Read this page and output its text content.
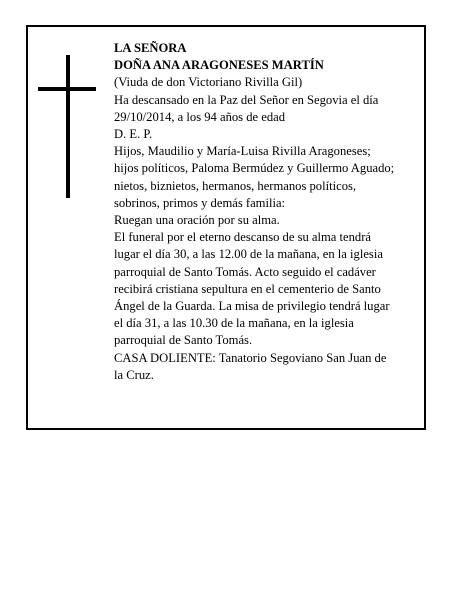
LA SEÑORA
DOÑA ANA ARAGONESES MARTÍN
(Viuda de don Victoriano Rivilla Gil)
Ha descansado en la Paz del Señor en Segovia el día
29/10/2014, a los 94 años de edad
D. E. P.
Hijos, Maudilio y María-Luisa Rivilla Aragoneses;
hijos políticos, Paloma Bermúdez y Guillermo Aguado;
nietos, biznietos, hermanos, hermanos políticos,
sobrinos, primos y demás familia:
Ruegan una oración por su alma.
El funeral por el eterno descanso de su alma tendrá
lugar el día 30, a las 12.00 de la mañana, en la iglesia
parroquial de Santo Tomás. Acto seguido el cadáver
recibirá cristiana sepultura en el cementerio de Santo
Ángel de la Guarda. La misa de privilegio tendrá lugar
el día 31, a las 10.30 de la mañana, en la iglesia
parroquial de Santo Tomás.
CASA DOLIENTE: Tanatorio Segoviano San Juan de
la Cruz.
